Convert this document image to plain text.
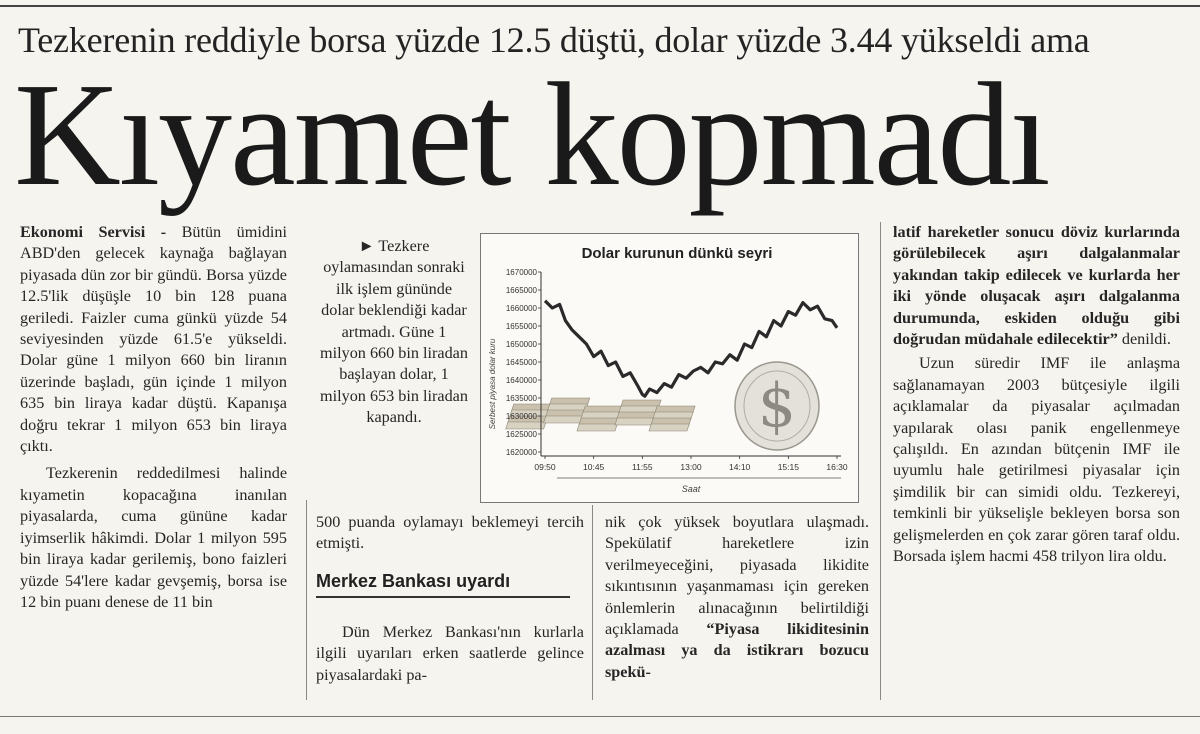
Tezkerenin reddiyle borsa yüzde 12.5 düştü, dolar yüzde 3.44 yükseldi ama
Kıyamet kopmadı

Ekonomi Servisi - Bütün ümidini ABD'den gelecek kaynağa bağlayan piyasada dün zor bir gündü. Borsa yüzde 12.5'lik düşüşle 10 bin 128 puana geriledi. Faizler cuma günkü yüzde 54 seviyesinden yüzde 61.5'e yükseldi. Dolar güne 1 milyon 660 bin liranın üzerinde başladı, gün içinde 1 milyon 635 bin liraya kadar düştü. Kapanışa doğru tekrar 1 milyon 653 bin liraya çıktı.

Tezkerenin reddedilmesi halinde kıyametin kopacağına inanılan piyasalarda, cuma gününe kadar iyimserlik hâkimdi. Dolar 1 milyon 595 bin liraya kadar gerilemiş, bono faizleri yüzde 54'lere kadar gevşemiş, borsa ise 12 bin puanı denese de 11 bin

► Tezkere oylamasından sonraki ilk işlem gününde dolar beklendiği kadar artmadı. Güne 1 milyon 660 bin liradan başlayan dolar, 1 milyon 653 bin liradan kapandı.
Dolar kurunun dünkü seyri
Serbest piyasa dolar kuru
Saat
$
1670000
1665000
1660000
1655000
1650000
1645000
1640000
1635000
1630000
1625000
1620000
09:50	10:45	11:55	13:00	14:10	15:15	16:30
500 puanda oylamayı beklemeyi tercih etmişti.
Merkez Bankası uyardı
Dün Merkez Bankası'nın kurlarla ilgili uyarıları erken saatlerde gelince piyasalardaki pa-

nik çok yüksek boyutlara ulaşmadı. Spekülatif hareketlere izin verilmeyeceğini, piyasada likidite sıkıntısının yaşanmaması için gereken önlemlerin alınacağının belirtildiği açıklamada “Piyasa likiditesinin azalması ya da istikrarı bozucu spekü-

latif hareketler sonucu döviz kurlarında görülebilecek aşırı dalgalanmalar yakından takip edilecek ve kurlarda her iki yönde oluşacak aşırı dalgalanma durumunda, eskiden olduğu gibi doğrudan müdahale edilecektir” denildi.

Uzun süredir IMF ile anlaşma sağlanamayan 2003 bütçesiyle ilgili açıklamalar da piyasalar açılmadan yapılarak olası panik engellenmeye çalışıldı. En azından bütçenin IMF ile uyumlu hale getirilmesi piyasalar için şimdilik bir can simidi oldu. Tezkereyi, temkinli bir yükselişle bekleyen borsa son gelişmelerden en çok zarar gören taraf oldu. Borsada işlem hacmi 458 trilyon lira oldu.
